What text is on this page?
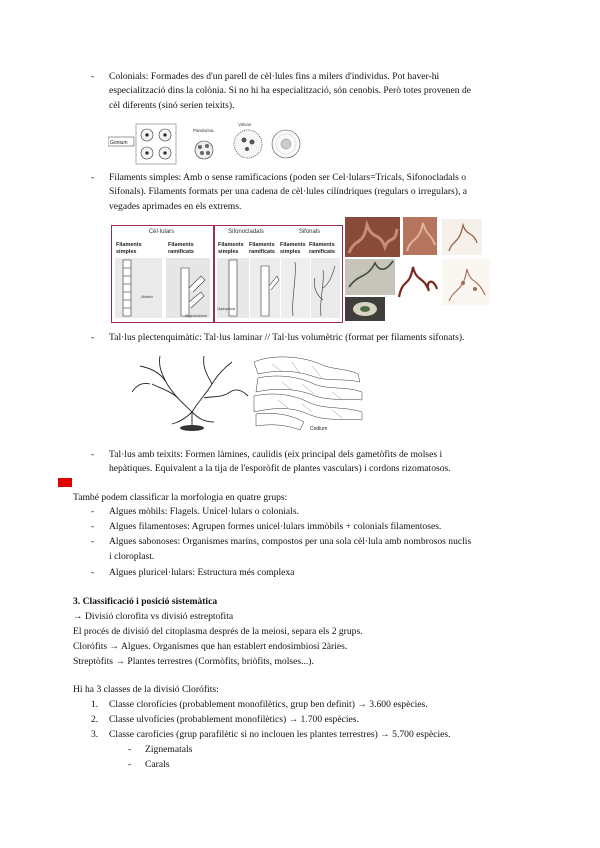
- Colonials: Formades des d'un parell de cèl·lules fins a milers d'individus. Pot haver-hi
especialització dins la colònia. Si no hi ha especialització, són cenobis. Però totes provenen de
cèl diferents (sinó serien teixits).
Gonium
Pandorina
Volvox
- Filaments simples: Amb o sense ramificacions (poden ser Cel·lulars=Tricals, Sifonocladals o
Sifonals). Filaments formats per una cadena de cèl·lules cilíndriques (regulars o irregulars), a
vegades aprimades en els extrems.
Cèl·lulars	Sifonocladals	Sifonals
Filaments simples
Filaments ramificats
Filaments simples
Filaments ramificats
Filaments simples
Filaments ramificats
Ulothrix
Stigeoclonium
Cladophora
- Tal·lus plectenquimàtic: Tal·lus laminar // Tal·lus volumètric (format per filaments sifonats).
Codium
- Tal·lus amb teixits: Formen làmines, caulidis (eix principal dels gametòfits de molses i
hepàtiques. Equivalent a la tija de l'esporòfit de plantes vasculars) i cordons rizomatosos.
També podem classificar la morfologia en quatre grups:
- Algues mòbils: Flagels. Unicel·lulars o colonials.
- Algues filamentoses: Agrupen formes unicel·lulars immòbils + colonials filamentoses.
- Algues sabonoses: Organismes marins, compostos per una sola cèl·lula amb nombrosos nuclis
i cloroplast.
- Algues pluricel·lulars: Estructura més complexa
3. Classificació i posició sistemàtica
→ Divisió clorofita vs divisió estreptofita
El procés de divisió del citoplasma després de la meiosi, separa els 2 grups.
Clorófits → Algues. Organismes que han establert endosimbiosi 2àries.
Streptòfits → Plantes terrestres (Cormòfits, briòfits, molses...).
Hi ha 3 classes de la divisió Clorófits:
1. Classe clorofícies (probablement monofilètics, grup ben definit) → 3.600 espècies.
2. Classe ulvofícies (probablement monofilètics) → 1.700 espècies.
3. Classe carofícies (grup parafilètic si no inclouen les plantes terrestres) → 5.700 espècies.
- Zignematals
- Carals
